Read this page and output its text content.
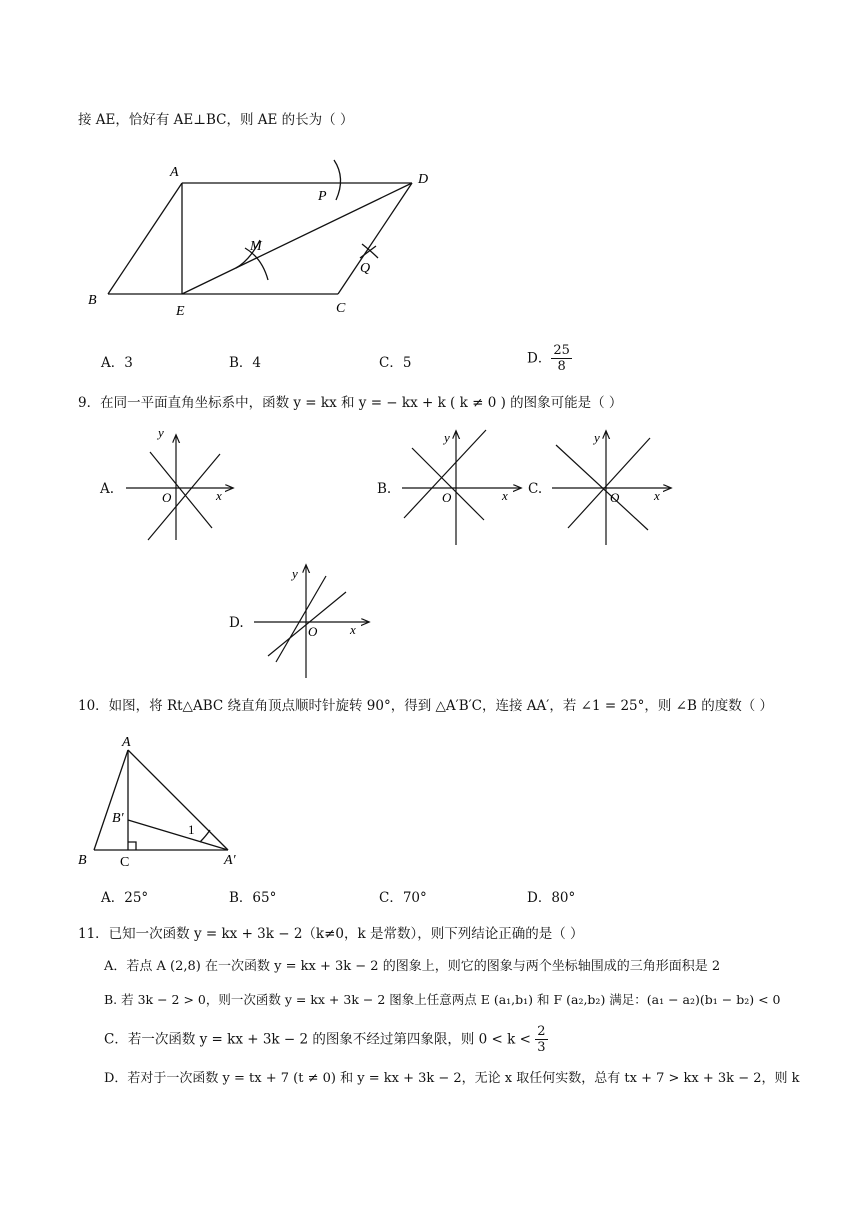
接 AE，恰好有 AE⊥BC，则 AE 的长为（ ）
A	D
B
E	C
M
P
Q
A．3	B．4	C．5	D． $\frac{25}{8}$
9．在同一平面直角坐标系中，函数 y = kx 和 y = − kx + k ( k ≠ 0 ) 的图象可能是（ ）
A.
y
O	x	B.
y
O	x C.
y
O	x
D.
y
O	x
10．如图，将 Rt△ABC 绕直角顶点顺时针旋转 90°，得到 △A′B′C，连接 AA′，若 ∠1 = 25°，则 ∠B 的度数（ ）
A
B′
B C	A′
1
A．25°	B．65°	C．70°	D．80°
11．已知一次函数 y = kx + 3k − 2（k≠0，k 是常数），则下列结论正确的是（ ）
A．若点 A (2,8) 在一次函数 y = kx + 3k − 2 的图象上，则它的图象与两个坐标轴围成的三角形面积是 2
B. 若 3k − 2 > 0，则一次函数 y = kx + 3k − 2 图象上任意两点 E (a₁,b₁) 和 F (a₂,b₂) 满足：(a₁ − a₂)(b₁ − b₂) < 0
C．若一次函数 y = kx + 3k − 2 的图象不经过第四象限，则 $0 < k < \frac{2}{3}$
D．若对于一次函数 y = tx + 7 (t ≠ 0) 和 y = kx + 3k − 2，无论 x 取任何实数，总有 tx + 7 > kx + 3k − 2，则 k
